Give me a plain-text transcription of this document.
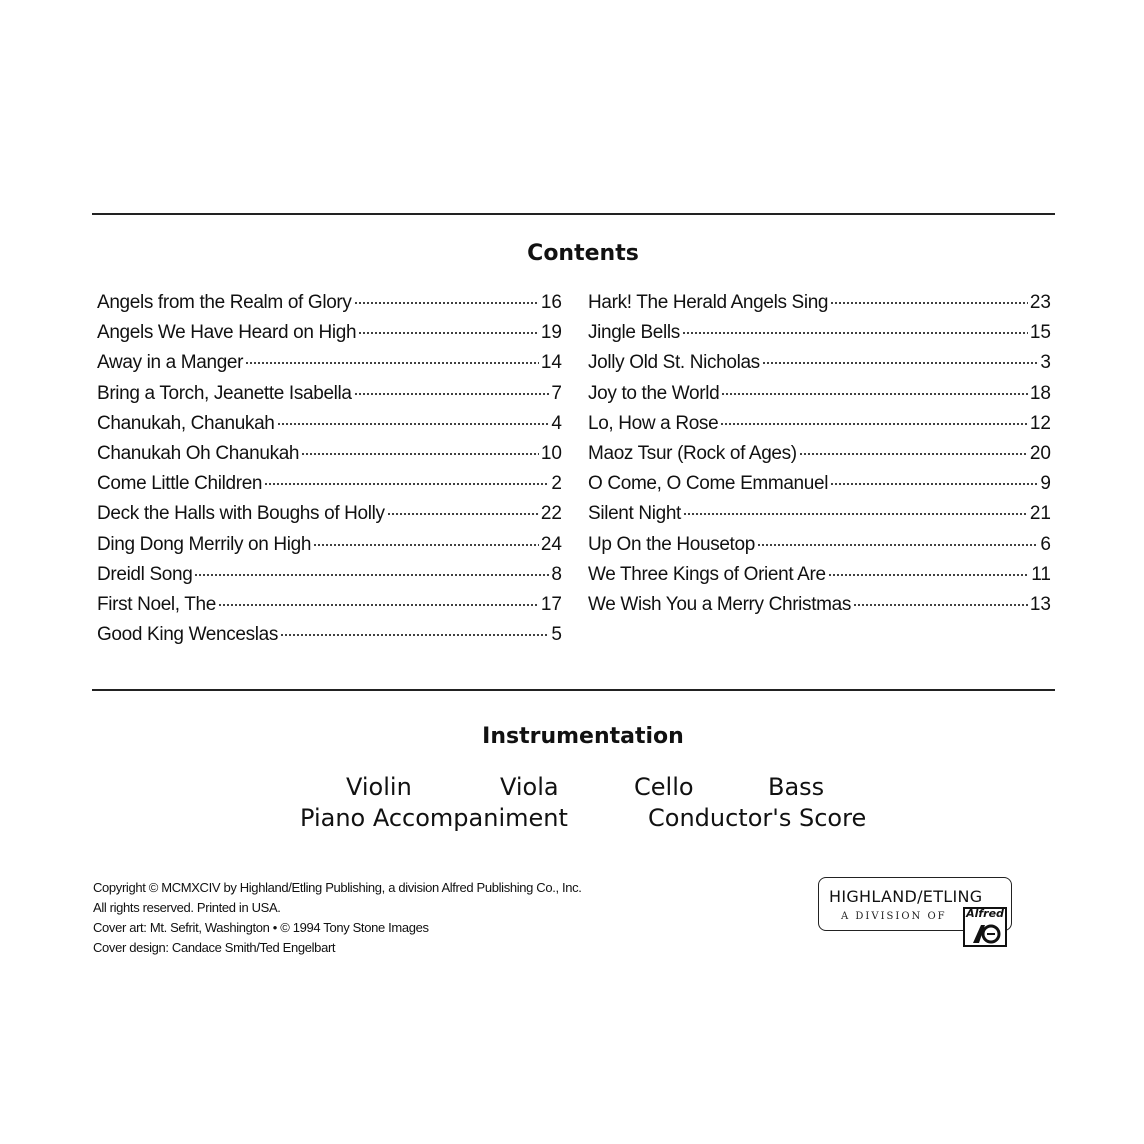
Contents
Angels from the Realm of Glory	16
Angels We Have Heard on High	19
Away in a Manger	14
Bring a Torch, Jeanette Isabella	7
Chanukah, Chanukah	4
Chanukah Oh Chanukah	10
Come Little Children	2
Deck the Halls with Boughs of Holly	22
Ding Dong Merrily on High	24
Dreidl Song	8
First Noel, The	17
Good King Wenceslas	5
Hark! The Herald Angels Sing	23
Jingle Bells	15
Jolly Old St. Nicholas	3
Joy to the World	18
Lo, How a Rose	12
Maoz Tsur (Rock of Ages)	20
O Come, O Come Emmanuel	9
Silent Night	21
Up On the Housetop	6
We Three Kings of Orient Are	11
We Wish You a Merry Christmas	13
Instrumentation
Violin	Viola	Cello	Bass
Piano Accompaniment	Conductor's Score
Copyright © MCMXCIV by Highland/Etling Publishing, a division Alfred Publishing Co., Inc.
All rights reserved. Printed in USA.
Cover art: Mt. Sefrit, Washington • © 1994 Tony Stone Images
Cover design: Candace Smith/Ted Engelbart
HIGHLAND/ETLING
A DIVISION OF Alfred
